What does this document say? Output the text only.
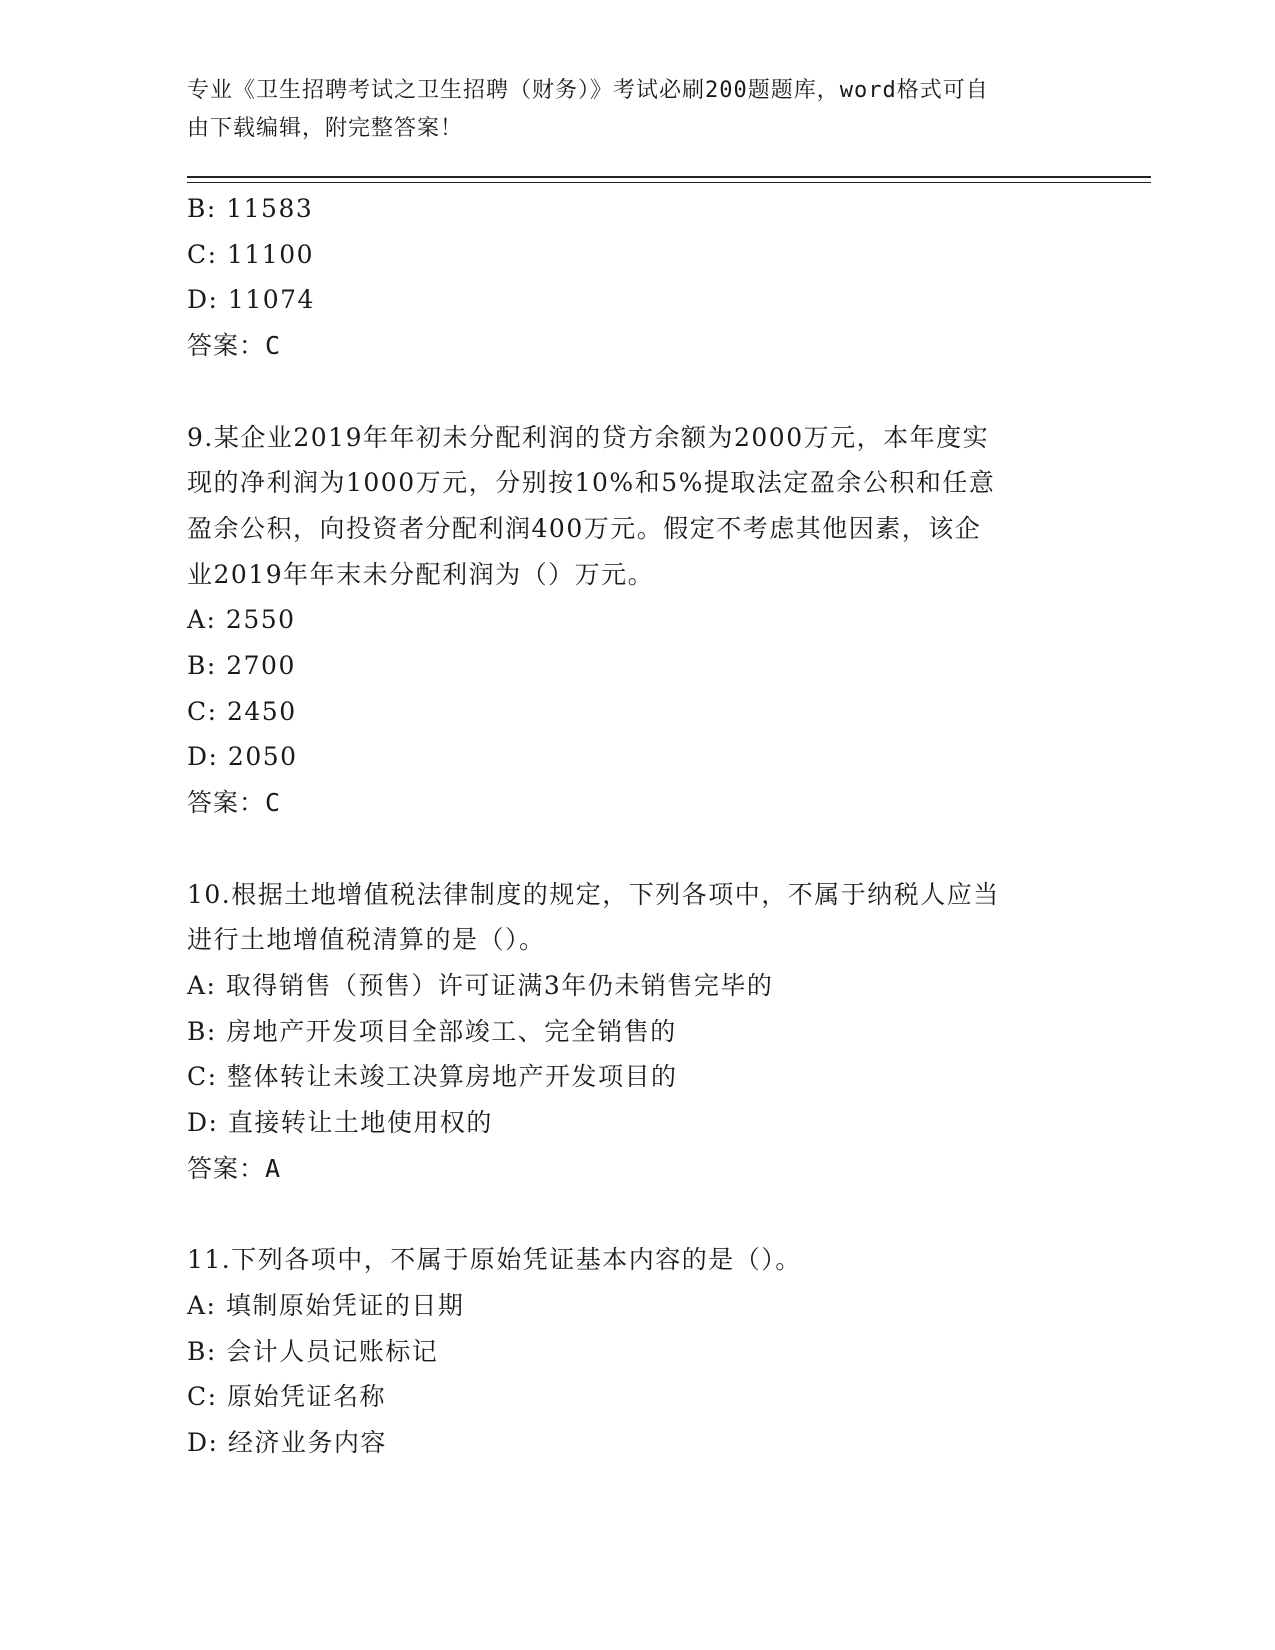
专业《卫生招聘考试之卫生招聘（财务）》考试必刷200题题库，word格式可自
由下载编辑，附完整答案！

B: 11583

C: 11100

D: 11074

答案：C

9.某企业2019年年初未分配利润的贷方余额为2000万元，本年度实

现的净利润为1000万元，分别按10%和5%提取法定盈余公积和任意

盈余公积，向投资者分配利润400万元。假定不考虑其他因素，该企

业2019年年末未分配利润为（）万元。

A: 2550

B: 2700

C: 2450

D: 2050

答案：C

10.根据土地增值税法律制度的规定，下列各项中，不属于纳税人应当

进行土地增值税清算的是（）。

A: 取得销售（预售）许可证满3年仍未销售完毕的

B: 房地产开发项目全部竣工、完全销售的

C: 整体转让未竣工决算房地产开发项目的

D: 直接转让土地使用权的

答案：A

11.下列各项中，不属于原始凭证基本内容的是（）。

A: 填制原始凭证的日期

B: 会计人员记账标记

C: 原始凭证名称

D: 经济业务内容
